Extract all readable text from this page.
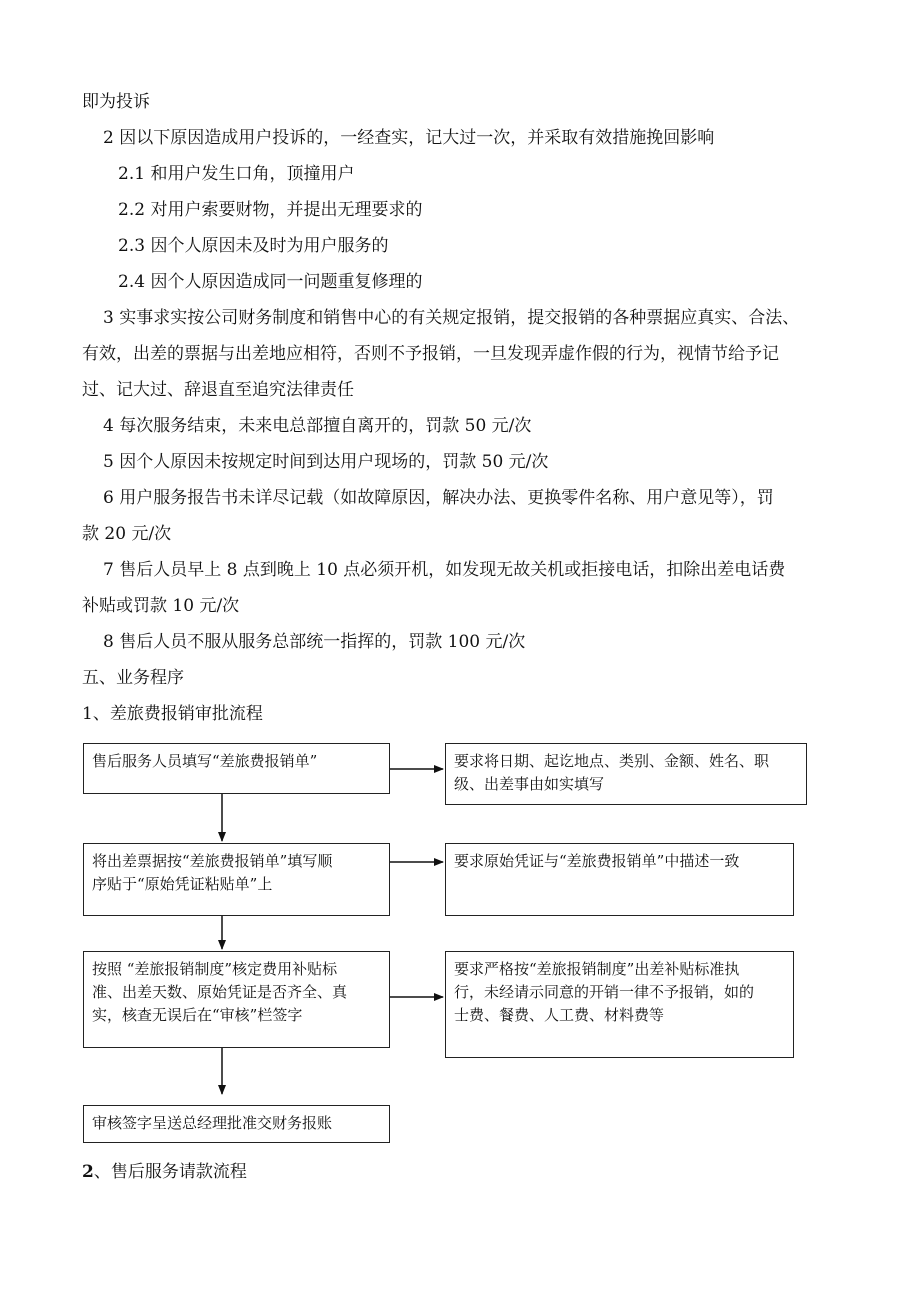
即为投诉
2 因以下原因造成用户投诉的，一经查实，记大过一次，并采取有效措施挽回影响
2.1 和用户发生口角，顶撞用户
2.2 对用户索要财物，并提出无理要求的
2.3 因个人原因未及时为用户服务的
2.4 因个人原因造成同一问题重复修理的
3 实事求实按公司财务制度和销售中心的有关规定报销，提交报销的各种票据应真实、合法、
有效，出差的票据与出差地应相符，否则不予报销，一旦发现弄虚作假的行为，视情节给予记
过、记大过、辞退直至追究法律责任
4 每次服务结束，未来电总部擅自离开的，罚款 50 元/次
5 因个人原因未按规定时间到达用户现场的，罚款 50 元/次
6 用户服务报告书未详尽记载（如故障原因，解决办法、更换零件名称、用户意见等），罚
款 20 元/次
7 售后人员早上 8 点到晚上 10 点必须开机，如发现无故关机或拒接电话，扣除出差电话费
补贴或罚款 10 元/次
8 售后人员不服从服务总部统一指挥的，罚款 100 元/次
五、业务程序
1、差旅费报销审批流程
2、售后服务请款流程
售后服务人员填写“差旅费报销单”	要求将日期、起讫地点、类别、金额、姓名、职
级、出差事由如实填写
将出差票据按“差旅费报销单”填写顺
序贴于“原始凭证粘贴单”上
要求原始凭证与“差旅费报销单”中描述一致
按照 “差旅报销制度”核定费用补贴标
准、出差天数、原始凭证是否齐全、真
实，核查无误后在“审核”栏签字
要求严格按“差旅报销制度”出差补贴标准执
行，未经请示同意的开销一律不予报销，如的
士费、餐费、人工费、材料费等
审核签字呈送总经理批准交财务报账
